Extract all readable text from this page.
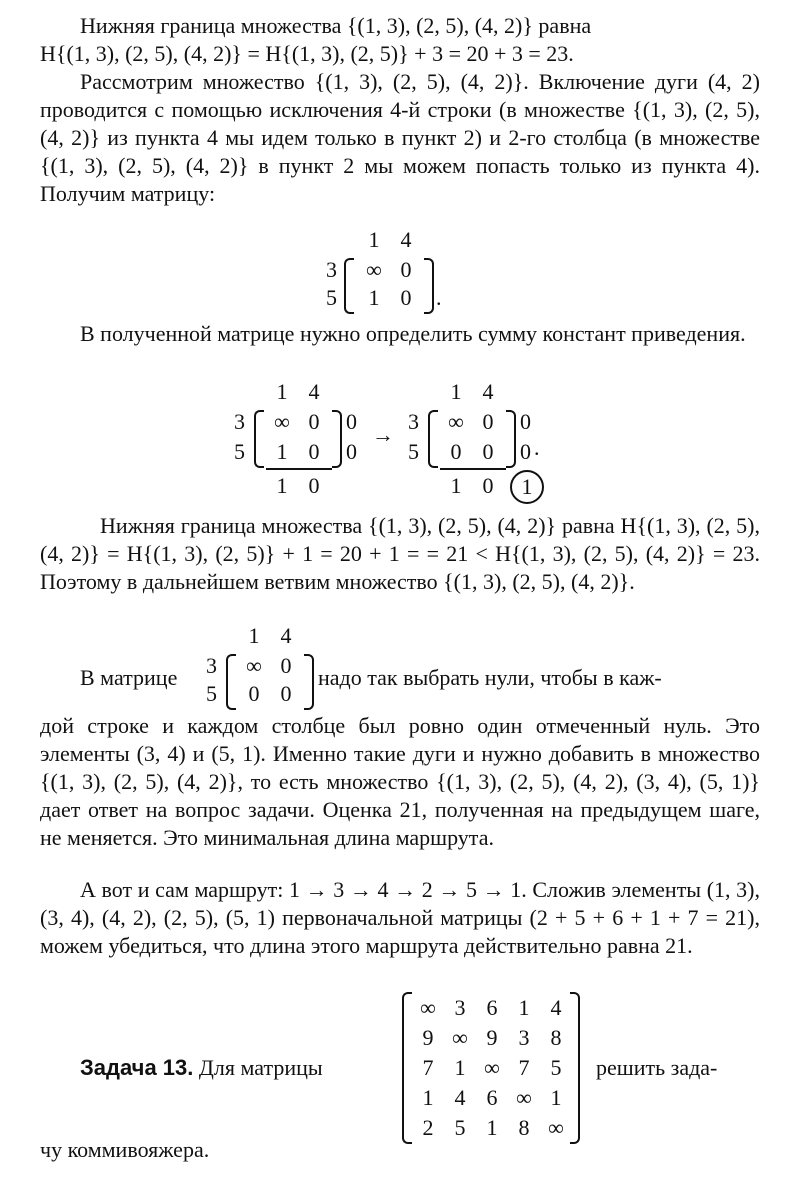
Нижняя граница множества {(1, 3), (2, 5), (4, 2)} равна
H{(1, 3), (2, 5), (4, 2)} = H{(1, 3), (2, 5)} + 3 = 20 + 3 = 23.
Рассмотрим множество {(1, 3), (2, 5), (4, 2)}. Включение дуги (4, 2) проводится с помощью исключения 4-й строки (в множестве {(1, 3), (2, 5), (4, 2)} из пункта 4 мы идем только в пункт 2) и 2-го столбца (в множестве {(1, 3), (2, 5), (4, 2)} в пункт 2 мы можем попасть только из пункта 4). Получим матрицу:
1 4
3
5
∞ 0
1 0	.
В полученной матрице нужно определить сумму констант приведения.
1 4
3
5
∞ 0
1 0
0
0
1 0
→
1 4
3
5
∞ 0
0 0
0
0 .
1 0	1
Нижняя граница множества {(1, 3), (2, 5), (4, 2)} равна H{(1, 3), (2, 5), (4, 2)} = H{(1, 3), (2, 5)} + 1 = 20 + 1 = = 21 < H{(1, 3), (2, 5), (4, 2)} = 23. Поэтому в дальнейшем ветвим множество {(1, 3), (2, 5), (4, 2)}.
В матрице
1 4
3
5
∞ 0
0 0
надо так выбрать нули, чтобы в каж-
дой строке и каждом столбце был ровно один отмеченный нуль. Это элементы (3, 4) и (5, 1). Именно такие дуги и нужно добавить в множество {(1, 3), (2, 5), (4, 2)}, то есть множество {(1, 3), (2, 5), (4, 2), (3, 4), (5, 1)} дает ответ на вопрос задачи. Оценка 21, полученная на предыдущем шаге, не меняется. Это минимальная длина маршрута.
А вот и сам маршрут: 1 → 3 → 4 → 2 → 5 → 1. Сложив элементы (1, 3), (3, 4), (4, 2), (2, 5), (5, 1) первоначальной матрицы (2 + 5 + 6 + 1 + 7 = 21), можем убедиться, что длина этого маршрута действительно равна 21.
Задача 13. Для матрицы
∞ 3 6 1 4
9 ∞ 9 3 8
7 1 ∞ 7 5
1 4 6 ∞ 1
2 5 1 8 ∞
решить зада-
чу коммивояжера.
